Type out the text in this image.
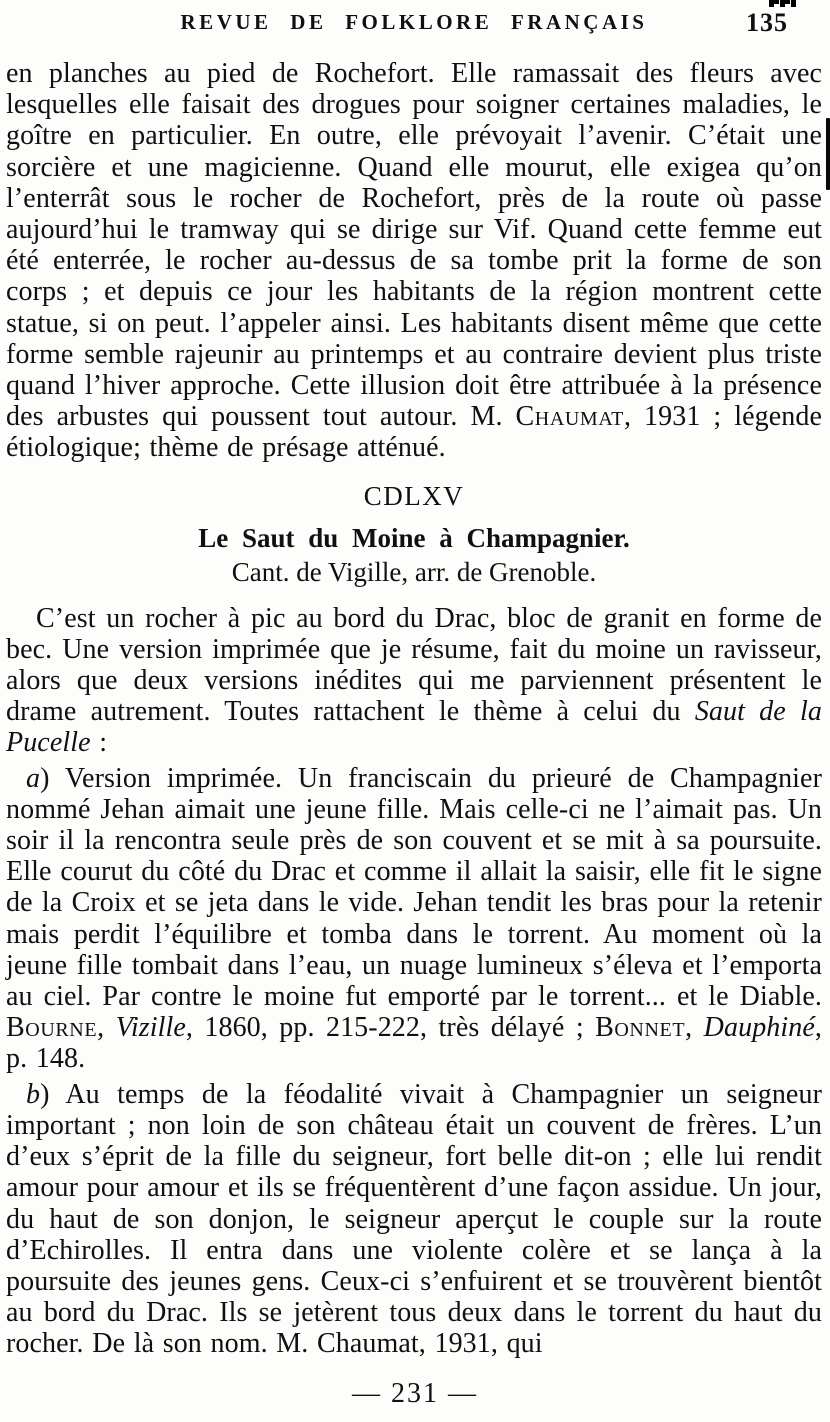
REVUE DE FOLKLORE FRANÇAIS	135

en planches au pied de Rochefort. Elle ramassait des fleurs avec lesquelles elle faisait des drogues pour soigner certaines maladies, le goître en particulier. En outre, elle prévoyait l’avenir. C’était une sorcière et une magicienne. Quand elle mourut, elle exigea qu’on l’enterrât sous le rocher de Rochefort, près de la route où passe aujourd’hui le tramway qui se dirige sur Vif. Quand cette femme eut été enterrée, le rocher au-dessus de sa tombe prit la forme de son corps ; et depuis ce jour les habitants de la région montrent cette statue, si on peut. l’appeler ainsi. Les habitants disent même que cette forme semble rajeunir au printemps et au contraire devient plus triste quand l’hiver approche. Cette illusion doit être attribuée à la présence des arbustes qui poussent tout autour. M. Chaumat, 1931 ; légende étiologique; thème de présage atténué.

CDLXV
Le Saut du Moine à Champagnier.
Cant. de Vigille, arr. de Grenoble.

C’est un rocher à pic au bord du Drac, bloc de granit en forme de bec. Une version imprimée que je résume, fait du moine un ravisseur, alors que deux versions inédites qui me parviennent présentent le drame autrement. Toutes rattachent le thème à celui du Saut de la Pucelle :

a) Version imprimée. Un franciscain du prieuré de Champagnier nommé Jehan aimait une jeune fille. Mais celle-ci ne l’aimait pas. Un soir il la rencontra seule près de son couvent et se mit à sa poursuite. Elle courut du côté du Drac et comme il allait la saisir, elle fit le signe de la Croix et se jeta dans le vide. Jehan tendit les bras pour la retenir mais perdit l’équilibre et tomba dans le torrent. Au moment où la jeune fille tombait dans l’eau, un nuage lumineux s’éleva et l’emporta au ciel. Par contre le moine fut emporté par le torrent... et le Diable. Bourne, Vizille, 1860, pp. 215-222, très délayé ; Bonnet, Dauphiné, p. 148.

b) Au temps de la féodalité vivait à Champagnier un seigneur important ; non loin de son château était un couvent de frères. L’un d’eux s’éprit de la fille du seigneur, fort belle dit-on ; elle lui rendit amour pour amour et ils se fréquentèrent d’une façon assidue. Un jour, du haut de son donjon, le seigneur aperçut le couple sur la route d’Echirolles. Il entra dans une violente colère et se lança à la poursuite des jeunes gens. Ceux-ci s’enfuirent et se trouvèrent bientôt au bord du Drac. Ils se jetèrent tous deux dans le torrent du haut du rocher. De là son nom. M. Chaumat, 1931, qui

— 231 —
